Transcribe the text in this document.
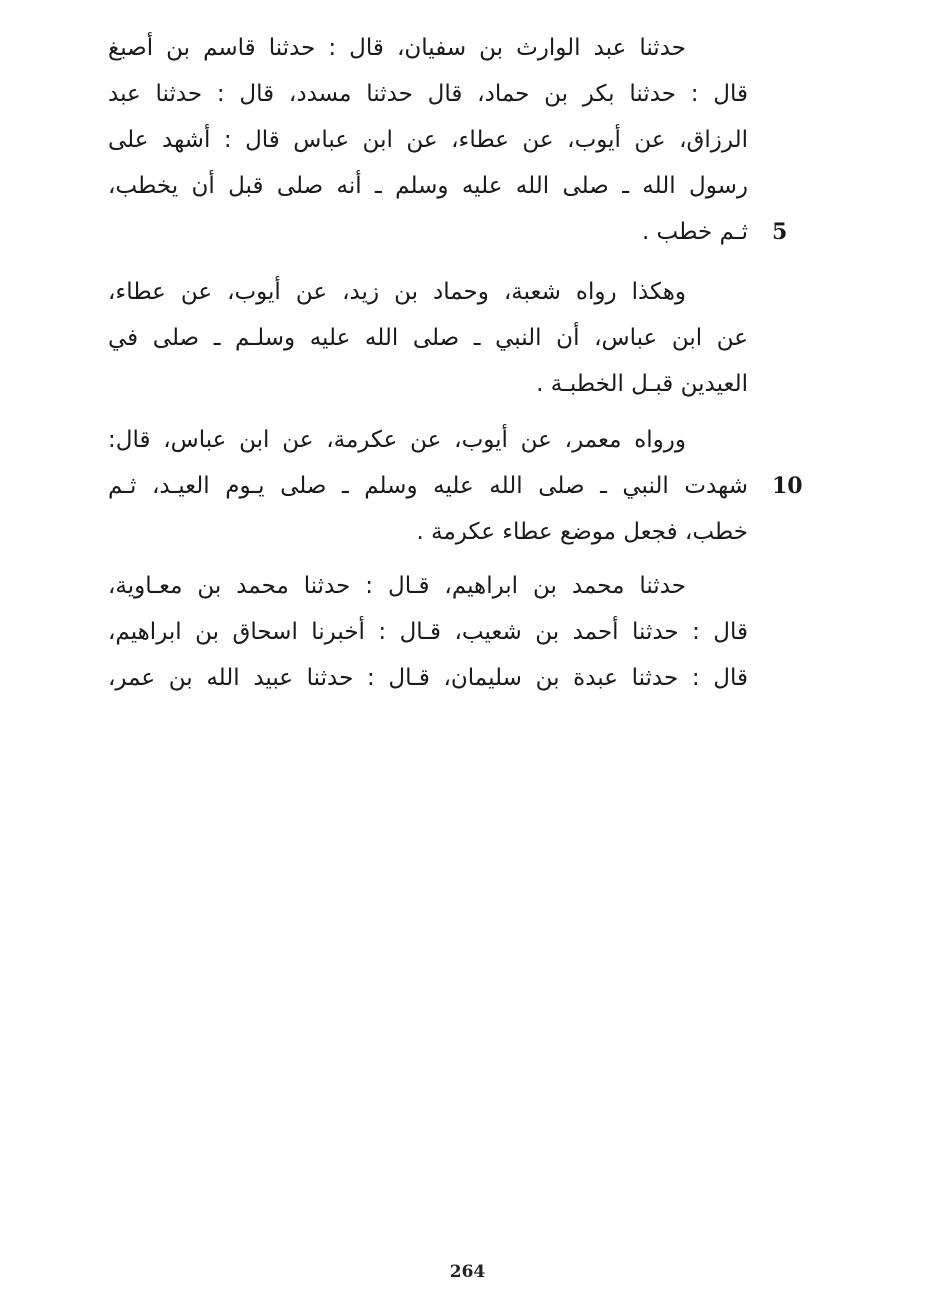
حدثنا عبد الوارث بن سفيان، قال : حدثنا قاسم بن أصبغ
قال : حدثنا بكر بن حماد، قال حدثنا مسدد، قال : حدثنا عبد
الرزاق، عن أيوب، عن عطاء، عن ابن عباس قال : أشهد على
رسول الله ـ صلى الله عليه وسلم ـ أنه صلى قبل أن يخطب،
ثـم خطب . 5
وهكذا رواه شعبة، وحماد بن زيد، عن أيوب، عن عطاء،
عن ابن عباس، أن النبي ـ صلى الله عليه وسلـم ـ صلى في
العيدين قبـل الخطبـة .
ورواه معمر، عن أيوب، عن عكرمة، عن ابن عباس، قال:
شهدت النبي ـ صلى الله عليه وسلم ـ صلى يـوم العيـد، ثـم
خطب، فجعل موضع عطاء عكرمة .
10
حدثنا محمد بن ابراهيم، قـال : حدثنا محمد بن معـاوية،
قال : حدثنا أحمد بن شعيب، قـال : أخبرنا اسحاق بن ابراهيم،
قال : حدثنا عبدة بن سليمان، قـال : حدثنا عبيد الله بن عمر،
264
